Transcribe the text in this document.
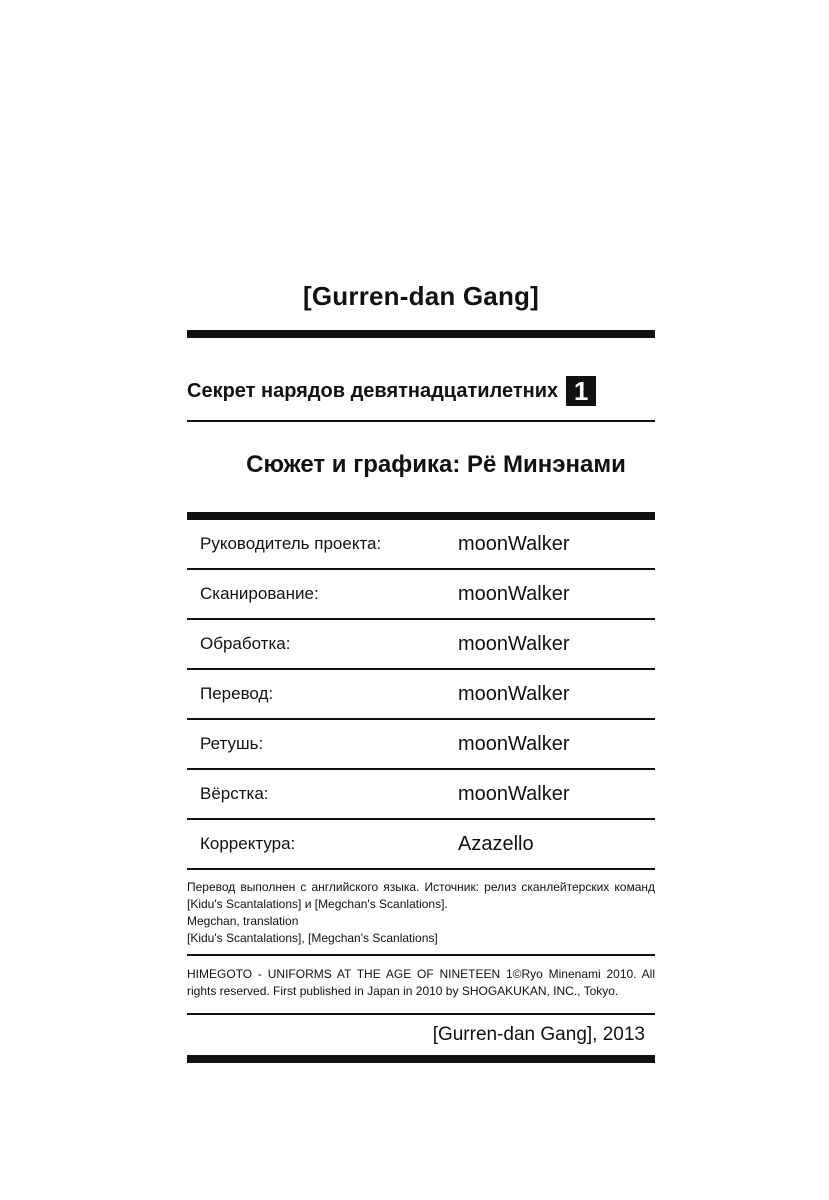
[Gurren-dan Gang]
Секрет нарядов девятнадцатилетних 1
Сюжет и графика: Рё Минэнами
Руководитель проекта:	moonWalker
Сканирование:	moonWalker
Обработка:	moonWalker
Перевод:	moonWalker
Ретушь:	moonWalker
Вёрстка:	moonWalker
Корректура:	Azazello

Перевод выполнен с английского языка. Источник: релиз сканлейтерских команд [Kidu's Scantalations] и [Megchan's Scanlations].

Megchan, translation

[Kidu's Scantalations], [Megchan's Scanlations]

HIMEGOTO - UNIFORMS AT THE AGE OF NINETEEN 1©Ryo Minenami 2010. All rights reserved. First published in Japan in 2010 by SHOGAKUKAN, INC., Tokyo.
[Gurren-dan Gang], 2013
